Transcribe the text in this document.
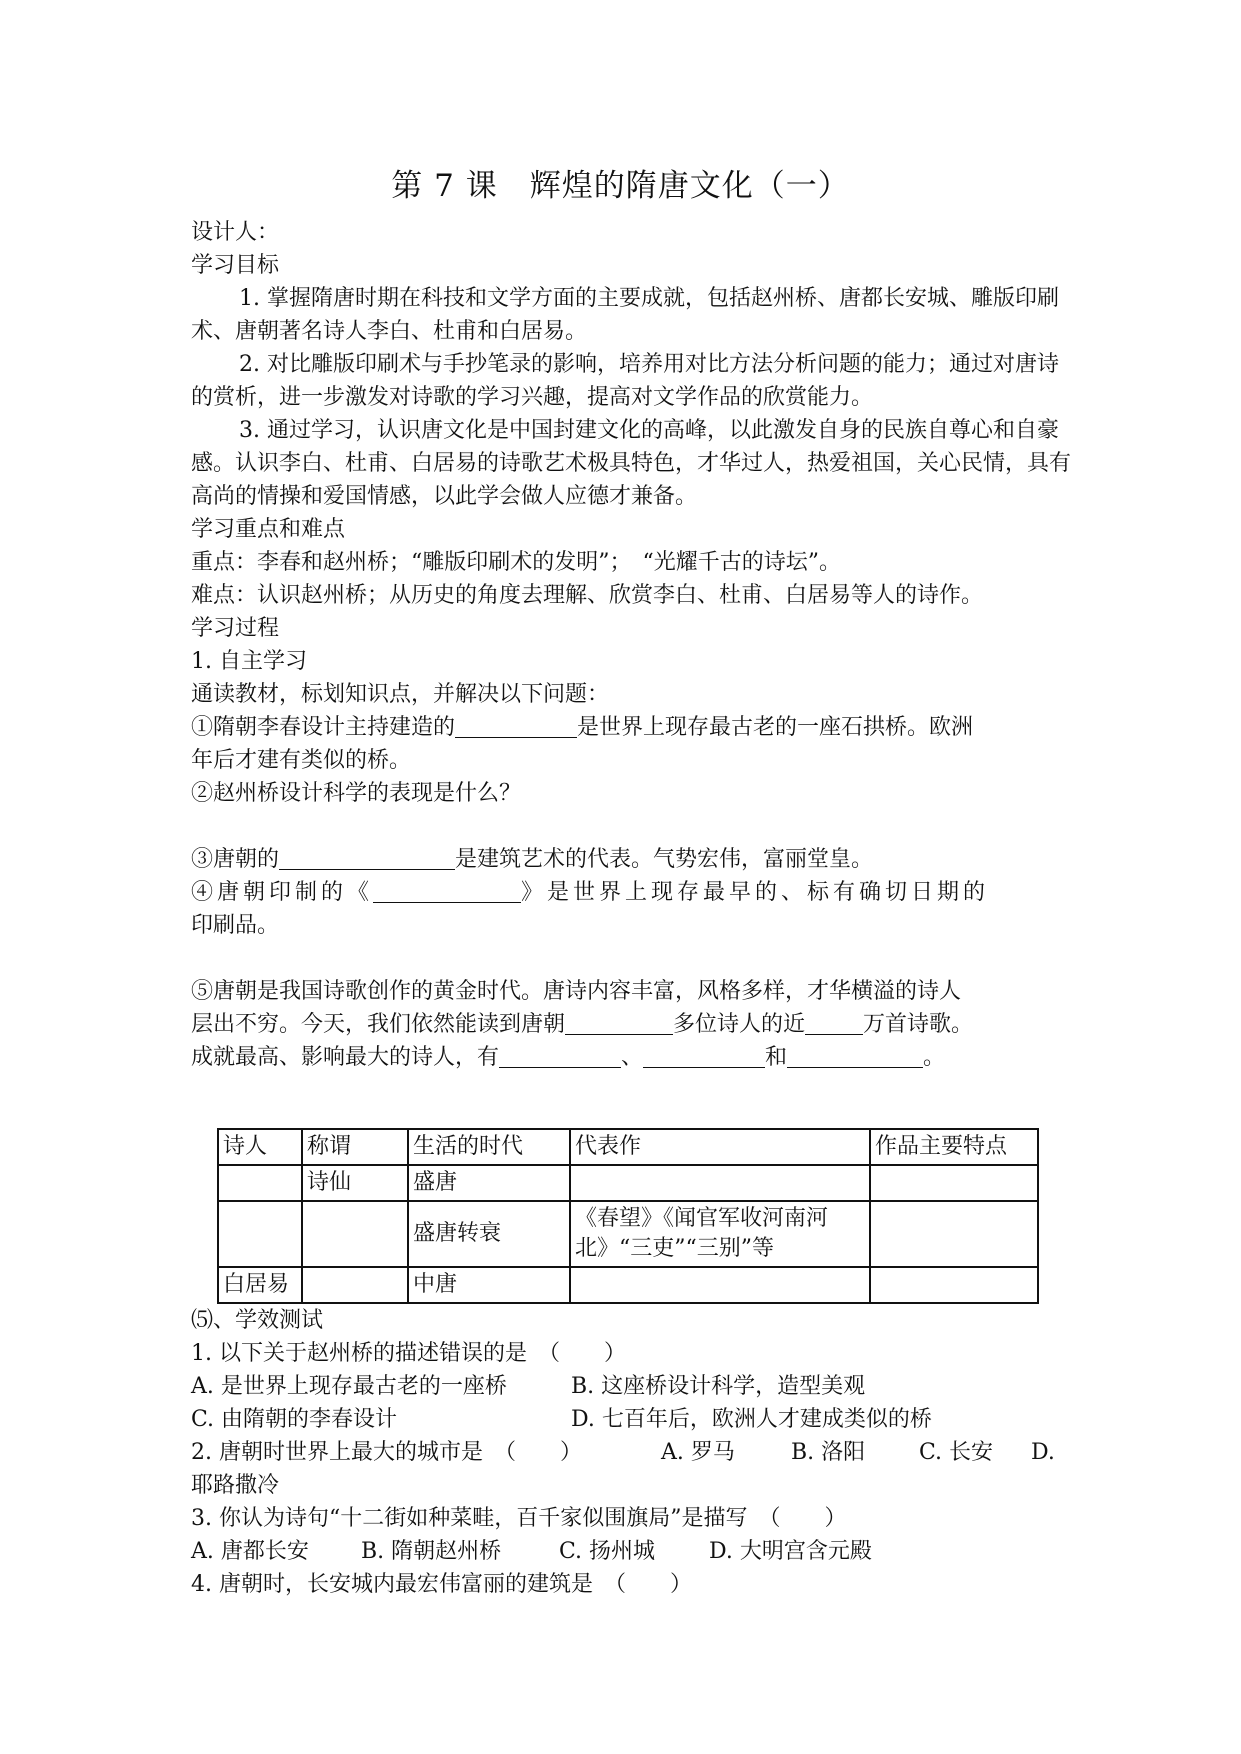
第 7 课　辉煌的隋唐文化（一）

设计人：

学习目标

1. 掌握隋唐时期在科技和文学方面的主要成就，包括赵州桥、唐都长安城、雕版印刷术、唐朝著名诗人李白、杜甫和白居易。

2. 对比雕版印刷术与手抄笔录的影响，培养用对比方法分析问题的能力；通过对唐诗的赏析，进一步激发对诗歌的学习兴趣，提高对文学作品的欣赏能力。

3. 通过学习，认识唐文化是中国封建文化的高峰，以此激发自身的民族自尊心和自豪感。认识李白、杜甫、白居易的诗歌艺术极具特色，才华过人，热爱祖国，关心民情，具有高尚的情操和爱国情感，以此学会做人应德才兼备。

学习重点和难点

重点：李春和赵州桥；“雕版印刷术的发明”；　“光耀千古的诗坛”。

难点：认识赵州桥；从历史的角度去理解、欣赏李白、杜甫、白居易等人的诗作。

学习过程

1. 自主学习

通读教材，标划知识点，并解决以下问题：

①隋朝李春设计主持建造的	是世界上现存最古老的一座石拱桥。欧洲

年后才建有类似的桥。

②赵州桥设计科学的表现是什么？

③唐朝的	是建筑艺术的代表。气势宏伟，富丽堂皇。

④唐朝印制的《	》是世界上现存最早的、标有确切日期的

印刷品。

⑤唐朝是我国诗歌创作的黄金时代。唐诗内容丰富，风格多样，才华横溢的诗人

层出不穷。今天，我们依然能读到唐朝	多位诗人的近	万首诗歌。

成就最高、影响最大的诗人，有	、	和	。

诗人	称谓	生活的时代	代表作	作品主要特点
	诗仙	盛唐		
		盛唐转衰	《春望》《闻官军收河南河北》“三吏”“三别”等	
白居易		中唐		

⑸、学效测试

1. 以下关于赵州桥的描述错误的是　（　　）

A. 是世界上现存最古老的一座桥	B. 这座桥设计科学，造型美观

C. 由隋朝的李春设计	D. 七百年后，欧洲人才建成类似的桥

2. 唐朝时世界上最大的城市是　（　　）	A. 罗马	B. 洛阳 C. 长安 D.

耶路撒冷

3. 你认为诗句“十二街如种菜畦，百千家似围旗局”是描写　（　　）

A. 唐都长安 B. 隋朝赵州桥	C. 扬州城 D. 大明宫含元殿

4. 唐朝时，长安城内最宏伟富丽的建筑是　（　　）
